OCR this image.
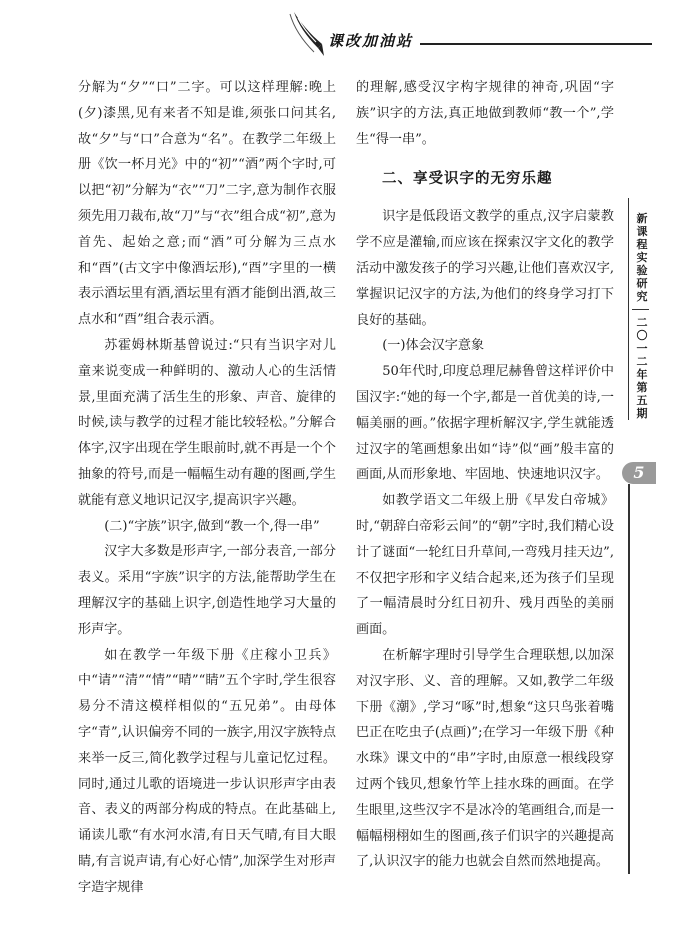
课改加油站

分解为“夕”“口”二字。可以这样理解:晚上(夕)漆黑,见有来者不知是谁,须张口问其名,故“夕”与“口”合意为“名”。在教学二年级上册《饮一杯月光》中的“初”“酒”两个字时,可以把“初”分解为“衣”“刀”二字,意为制作衣服须先用刀裁布,故“刀”与“衣”组合成“初”,意为首先、起始之意;而“酒”可分解为三点水和“酉”(古文字中像酒坛形),“酉”字里的一横表示酒坛里有酒,酒坛里有酒才能倒出酒,故三点水和“酉”组合表示酒。

苏霍姆林斯基曾说过:“只有当识字对儿童来说变成一种鲜明的、激动人心的生活情景,里面充满了活生生的形象、声音、旋律的时候,读与教学的过程才能比较轻松。”分解合体字,汉字出现在学生眼前时,就不再是一个个抽象的符号,而是一幅幅生动有趣的图画,学生就能有意义地识记汉字,提高识字兴趣。

(二)“字族”识字,做到“教一个,得一串”

汉字大多数是形声字,一部分表音,一部分表义。采用“字族”识字的方法,能帮助学生在理解汉字的基础上识字,创造性地学习大量的形声字。

如在教学一年级下册《庄稼小卫兵》中“请”“清”“情”“晴”“睛”五个字时,学生很容易分不清这模样相似的“五兄弟”。由母体字“青”,认识偏旁不同的一族字,用汉字族特点来举一反三,简化教学过程与儿童记忆过程。同时,通过儿歌的语境进一步认识形声字由表音、表义的两部分构成的特点。在此基础上,诵读儿歌“有水河水清,有日天气晴,有目大眼睛,有言说声请,有心好心情”,加深学生对形声字造字规律

的理解,感受汉字构字规律的神奇,巩固“字族”识字的方法,真正地做到教师“教一个”,学生“得一串”。

二、享受识字的无穷乐趣

识字是低段语文教学的重点,汉字启蒙教学不应是灌输,而应该在探索汉字文化的教学活动中激发孩子的学习兴趣,让他们喜欢汉字,掌握识记汉字的方法,为他们的终身学习打下良好的基础。

(一)体会汉字意象

50年代时,印度总理尼赫鲁曾这样评价中国汉字:“她的每一个字,都是一首优美的诗,一幅美丽的画。”依据字理析解汉字,学生就能透过汉字的笔画想象出如“诗”似“画”般丰富的画面,从而形象地、牢固地、快速地识汉字。

如教学语文二年级上册《早发白帝城》时,“朝辞白帝彩云间”的“朝”字时,我们精心设计了谜面“一轮红日升草间,一弯残月挂天边”,不仅把字形和字义结合起来,还为孩子们呈现了一幅清晨时分红日初升、残月西坠的美丽画面。

在析解字理时引导学生合理联想,以加深对汉字形、义、音的理解。又如,教学二年级下册《潮》,学习“啄”时,想象“这只鸟张着嘴巴正在吃虫子(点画)”;在学习一年级下册《种水珠》课文中的“串”字时,由原意一根线段穿过两个钱贝,想象竹竿上挂水珠的画面。在学生眼里,这些汉字不是冰冷的笔画组合,而是一幅幅栩栩如生的图画,孩子们识字的兴趣提高了,认识汉字的能力也就会自然而然地提高。

新课程实验研究
二〇一二年第五期
5
